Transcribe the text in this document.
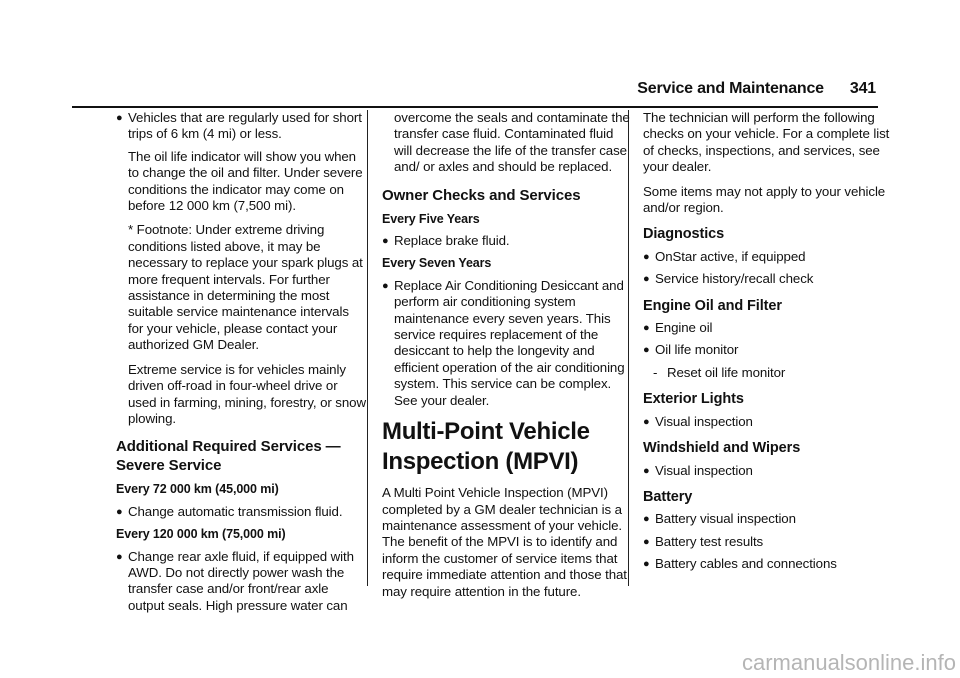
Service and Maintenance 341
● Vehicles that are regularly used for short trips of 6 km (4 mi) or less.

The oil life indicator will show you when to change the oil and filter. Under severe conditions the indicator may come on before 12 000 km (7,500 mi).

* Footnote: Under extreme driving conditions listed above, it may be necessary to replace your spark plugs at more frequent intervals. For further assistance in determining the most suitable service maintenance intervals for your vehicle, please contact your authorized GM Dealer.

Extreme service is for vehicles mainly driven off-road in four-wheel drive or used in farming, mining, forestry, or snow plowing.

Additional Required Services — Severe Service
Every 72 000 km (45,000 mi)
● Change automatic transmission fluid.
Every 120 000 km (75,000 mi)
● Change rear axle fluid, if equipped with AWD. Do not directly power wash the transfer case and/or front/rear axle output seals. High pressure water can

overcome the seals and contaminate the transfer case fluid. Contaminated fluid will decrease the life of the transfer case and/ or axles and should be replaced.

Owner Checks and Services
Every Five Years
● Replace brake fluid.
Every Seven Years
● Replace Air Conditioning Desiccant and perform air conditioning system maintenance every seven years. This service requires replacement of the desiccant to help the longevity and efficient operation of the air conditioning system. This service can be complex. See your dealer.
Multi-Point Vehicle
Inspection (MPVI)

A Multi Point Vehicle Inspection (MPVI) completed by a GM dealer technician is a maintenance assessment of your vehicle. The benefit of the MPVI is to identify and inform the customer of service items that require immediate attention and those that may require attention in the future.

The technician will perform the following checks on your vehicle. For a complete list of checks, inspections, and services, see your dealer.

Some items may not apply to your vehicle and/or region.

Diagnostics
● OnStar active, if equipped
● Service history/recall check
Engine Oil and Filter
● Engine oil
● Oil life monitor
- Reset oil life monitor
Exterior Lights
● Visual inspection
Windshield and Wipers
● Visual inspection
Battery
● Battery visual inspection
● Battery test results
● Battery cables and connections
carmanualsonline.info
